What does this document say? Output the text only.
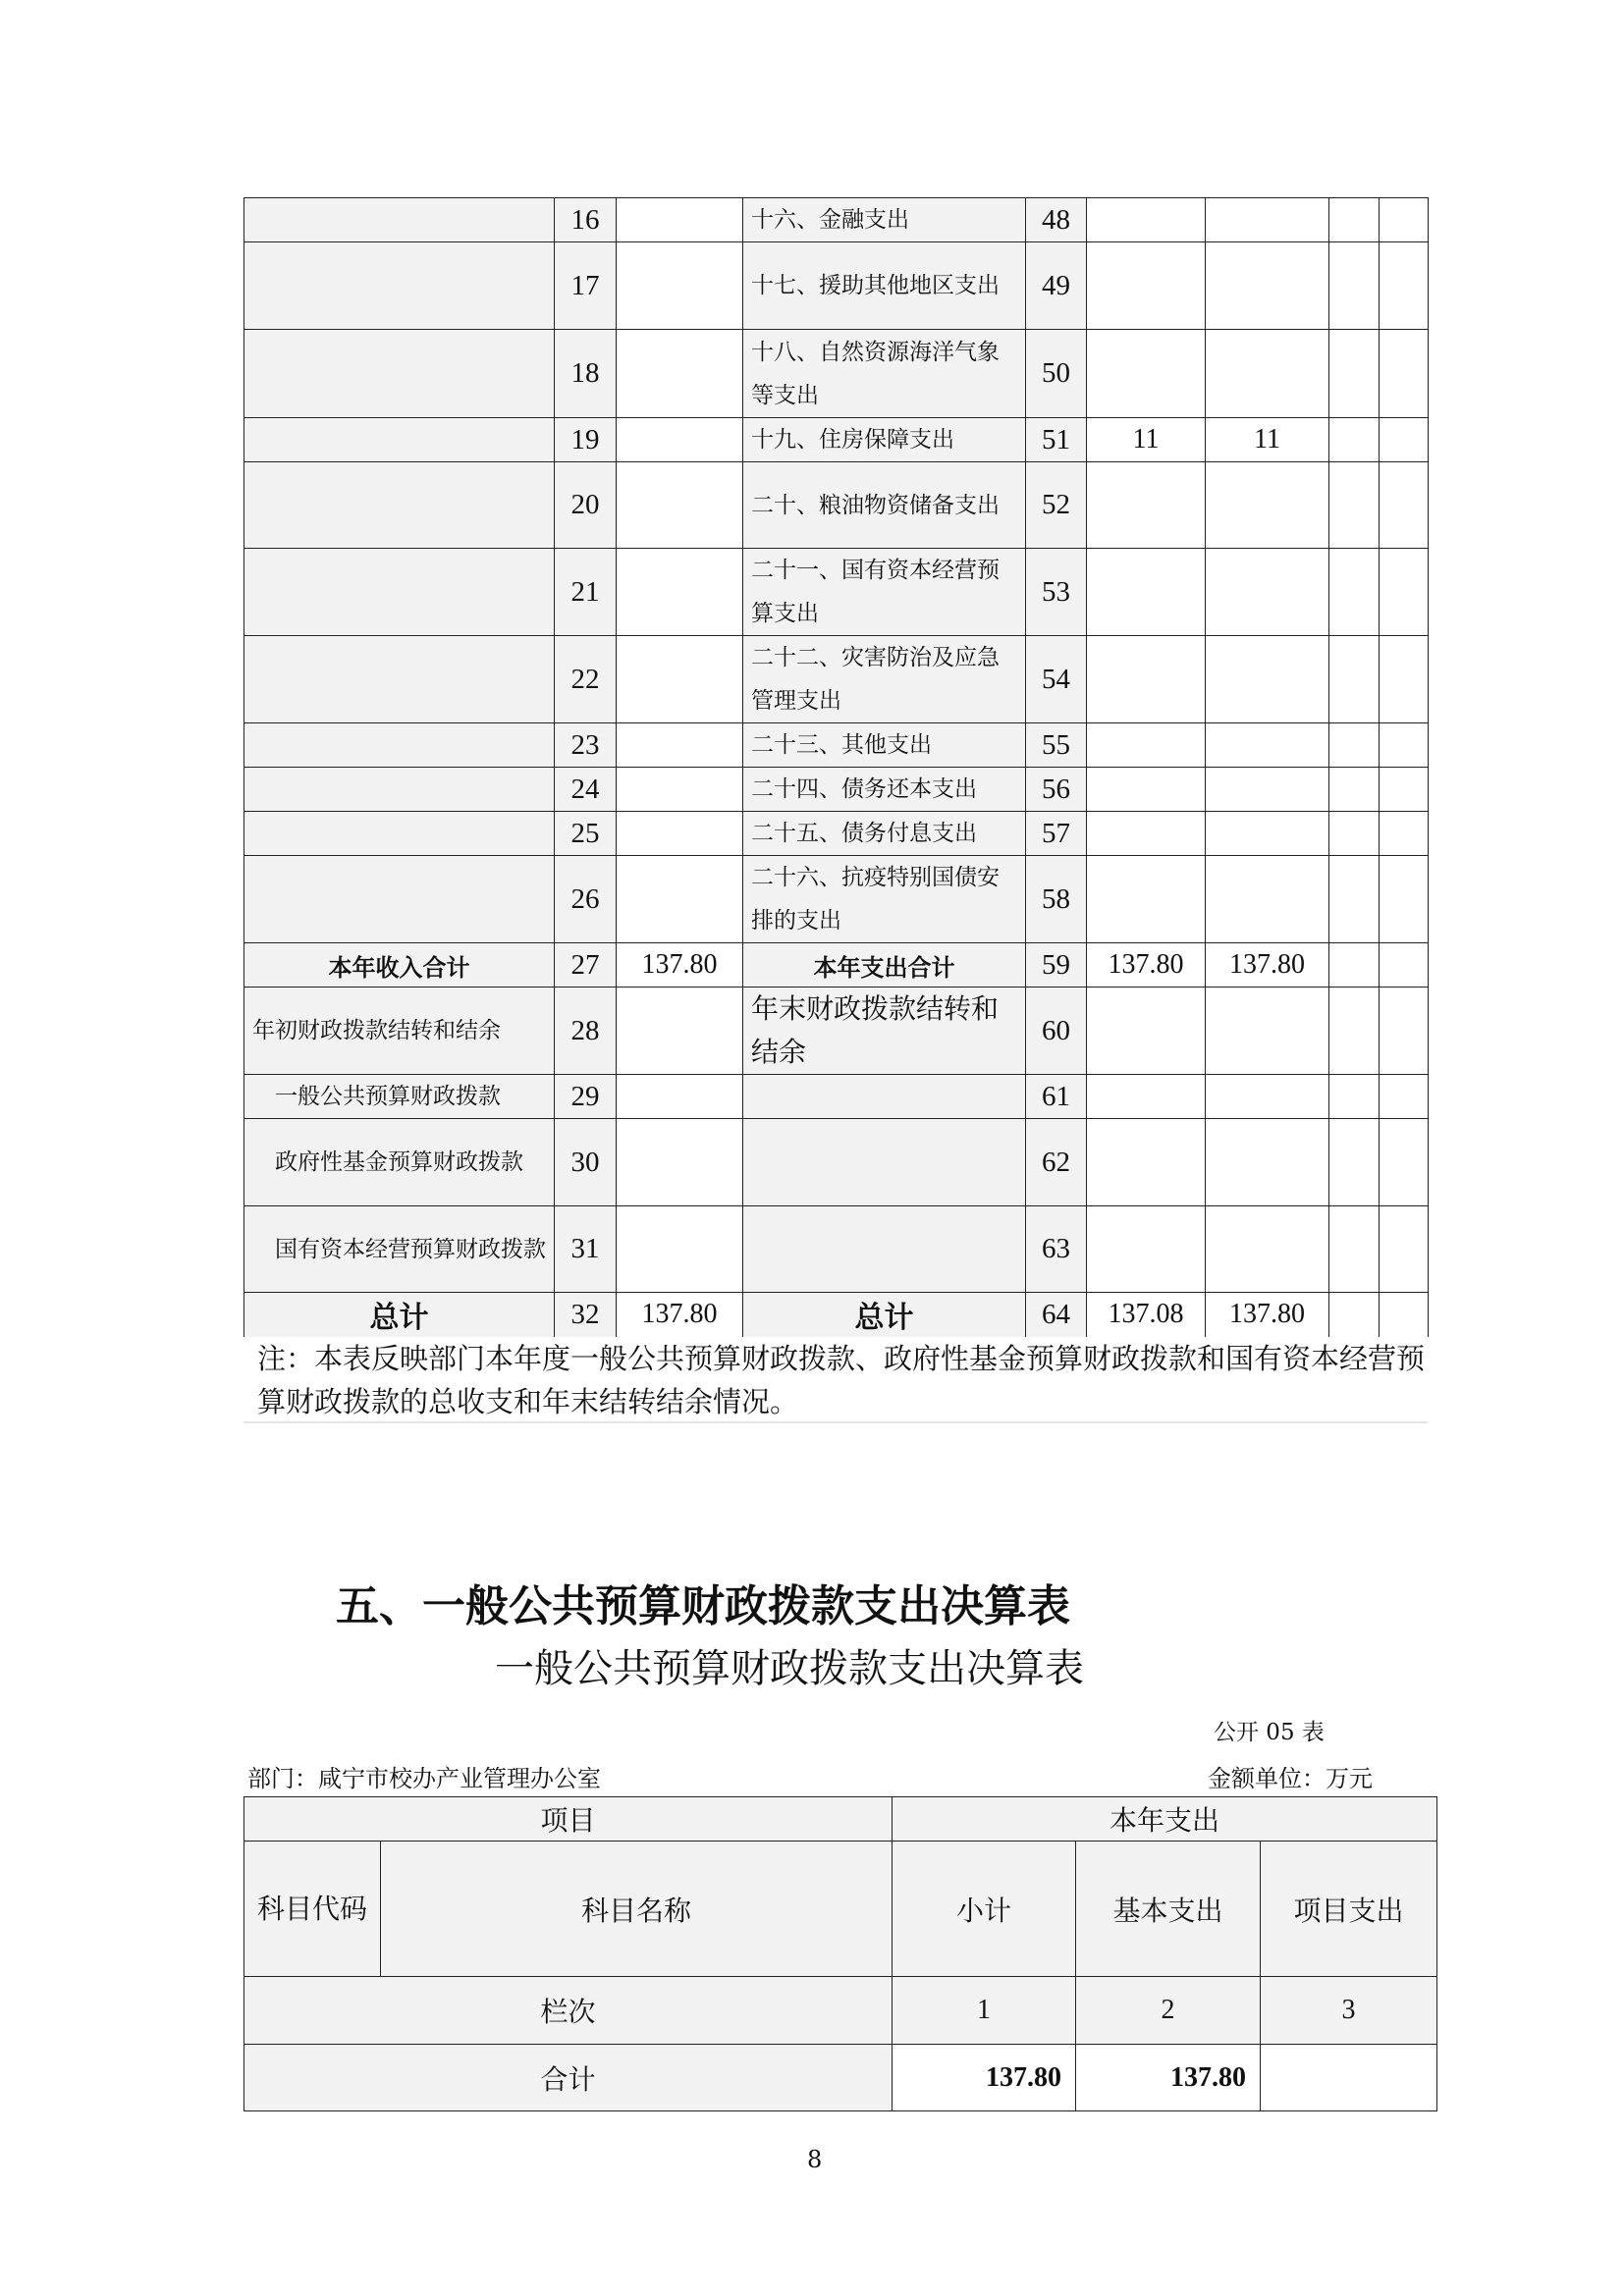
	16		十六、金融支出	48				
	17		十七、援助其他地区支出	49				
	18		十八、自然资源海洋气象等支出	50				
	19		十九、住房保障支出	51	11	11		
	20		二十、粮油物资储备支出	52				
	21		二十一、国有资本经营预算支出	53				
	22		二十二、灾害防治及应急管理支出	54				
	23		二十三、其他支出	55				
	24		二十四、债务还本支出	56				
	25		二十五、债务付息支出	57				
	26		二十六、抗疫特别国债安排的支出	58				
本年收入合计	27	137.80	本年支出合计	59	137.80	137.80		
年初财政拨款结转和结余	28		年末财政拨款结转和结余	60				
　一般公共预算财政拨款	29			61				
　政府性基金预算财政拨款	30			62				
　国有资本经营预算财政拨款	31			63				
总计	32	137.80	总计	64	137.08	137.80		
注：本表反映部门本年度一般公共预算财政拨款、政府性基金预算财政拨款和国有资本经营预算财政拨款的总收支和年末结转结余情况。
五、一般公共预算财政拨款支出决算表
一般公共预算财政拨款支出决算表
公开 05 表
部门：咸宁市校办产业管理办公室	金额单位：万元
项目		本年支出		
科目代码	科目名称	小计	基本支出	项目支出
栏次		1	2	3
合计		137.80	137.80	
8
